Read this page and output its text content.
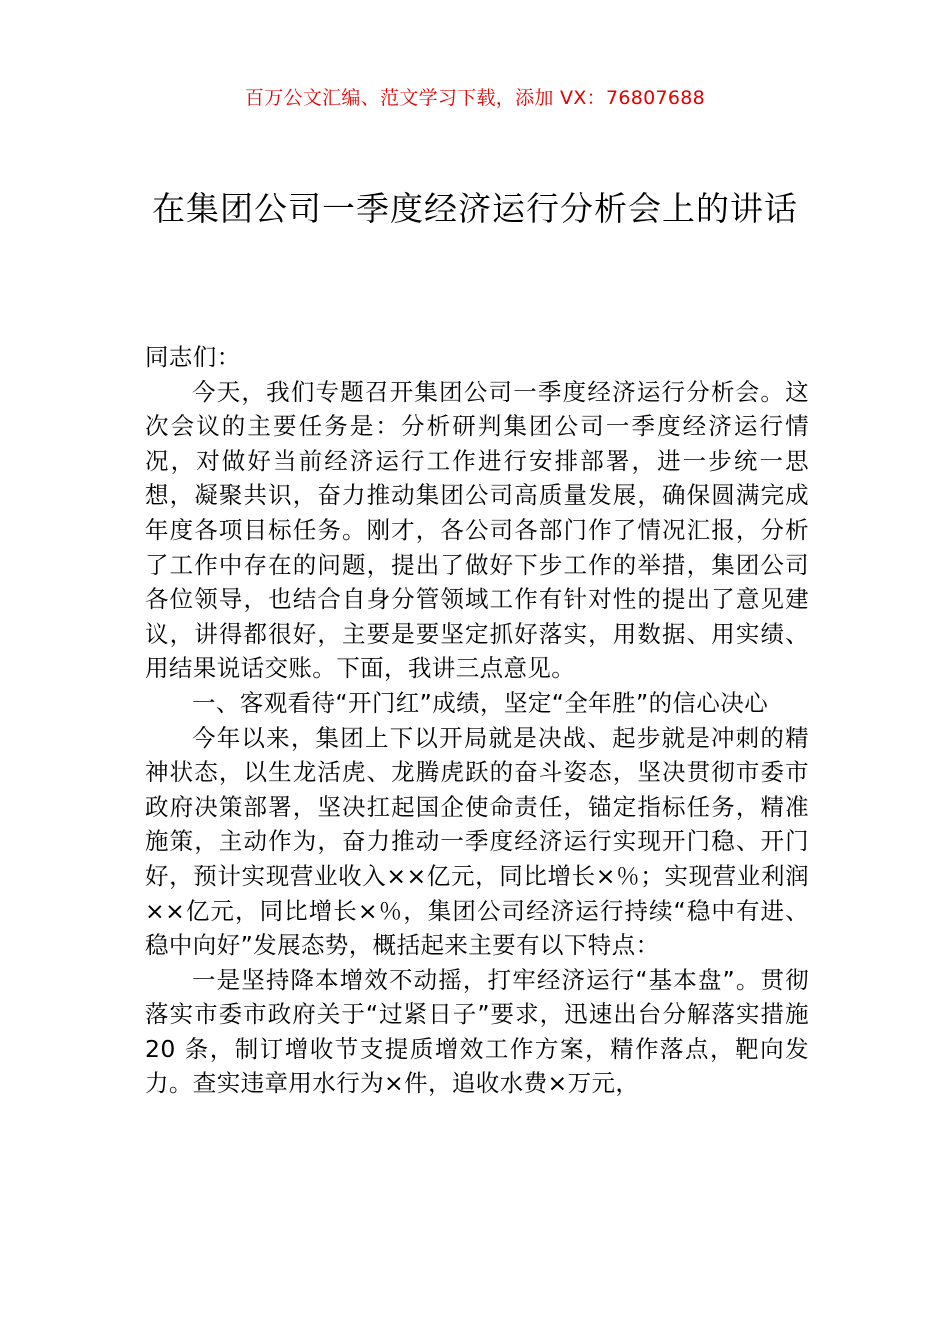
百万公文汇编、范文学习下载，添加 VX：76807688
在集团公司一季度经济运行分析会上的讲话

同志们：

今天，我们专题召开集团公司一季度经济运行分析会。这次会议的主要任务是：分析研判集团公司一季度经济运行情况，对做好当前经济运行工作进行安排部署，进一步统一思想，凝聚共识，奋力推动集团公司高质量发展，确保圆满完成年度各项目标任务。刚才，各公司各部门作了情况汇报，分析了工作中存在的问题，提出了做好下步工作的举措，集团公司各位领导，也结合自身分管领域工作有针对性的提出了意见建议，讲得都很好，主要是要坚定抓好落实，用数据、用实绩、用结果说话交账。下面，我讲三点意见。

一、客观看待“开门红”成绩，坚定“全年胜”的信心决心

今年以来，集团上下以开局就是决战、起步就是冲刺的精神状态，以生龙活虎、龙腾虎跃的奋斗姿态，坚决贯彻市委市政府决策部署，坚决扛起国企使命责任，锚定指标任务，精准施策，主动作为，奋力推动一季度经济运行实现开门稳、开门好，预计实现营业收入××亿元，同比增长×％；实现营业利润××亿元，同比增长×％，集团公司经济运行持续“稳中有进、稳中向好”发展态势，概括起来主要有以下特点：

一是坚持降本增效不动摇，打牢经济运行“基本盘”。贯彻落实市委市政府关于“过紧日子”要求，迅速出台分解落实措施 20 条，制订增收节支提质增效工作方案，精作落点，靶向发力。查实违章用水行为×件，追收水费×万元，
